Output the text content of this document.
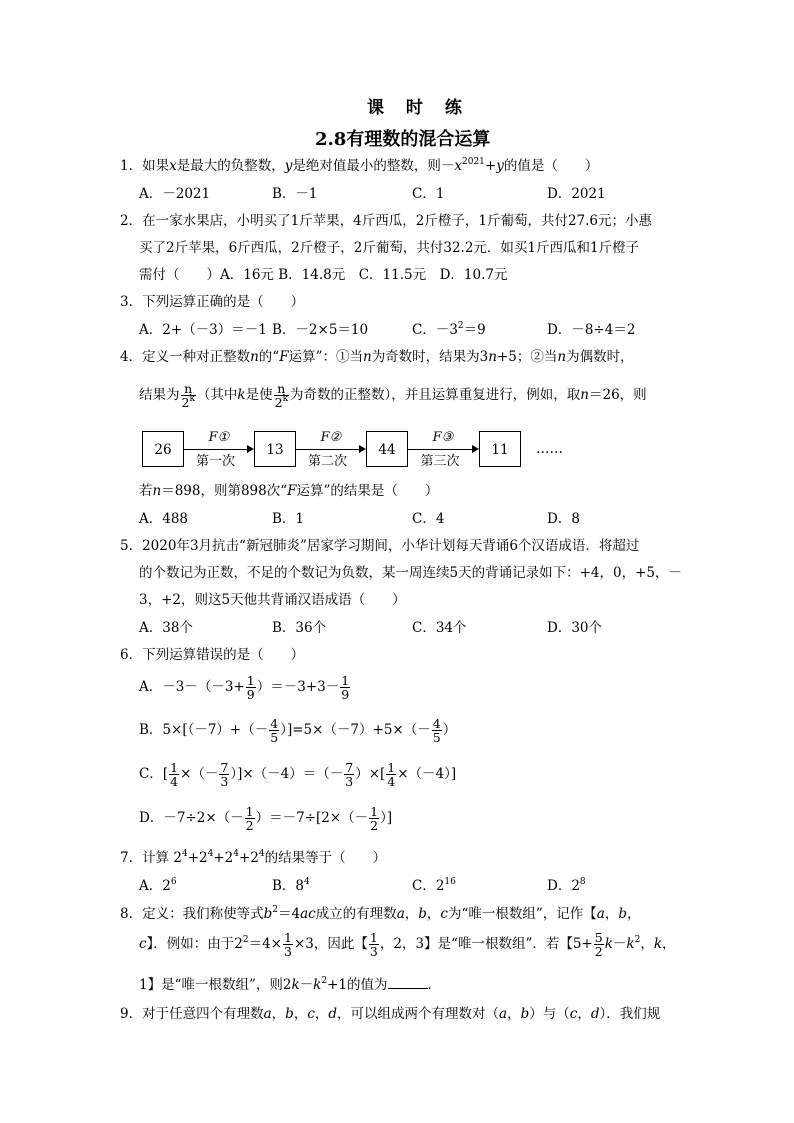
课 时 练
2.8有理数的混合运算
1．如果x是最大的负整数，y是绝对值最小的整数，则$-x^{2021}+y$的值是（　　）
A．－2021	B．－1	C．1	D．2021
2．在一家水果店，小明买了1斤苹果，4斤西瓜，2斤橙子，1斤葡萄，共付27.6元；小惠
买了2斤苹果，6斤西瓜，2斤橙子，2斤葡萄，共付32.2元．如买1斤西瓜和1斤橙子
需付（　　）A．16元 B．14.8元　C．11.5元　D．10.7元
3．下列运算正确的是（　　）
A．2+（－3）＝－1 B．－2×5＝10	C．$-3^2=9$	D．－8÷4＝2
4．定义一种对正整数n的“F运算”：①当n为奇数时，结果为3n+5；②当n为偶数时，
结果为 $\frac{n}{2^k}$ （其中k是使 $\frac{n}{2^k}$ 为奇数的正整数），并且运算重复进行，例如，取n＝26，则
26	13	44	11
F①	F②	F③
第一次	第二次	第三次
……
若n＝898，则第898次“F运算”的结果是（　　）
A．488	B．1	C．4	D．8
5．2020年3月抗击“新冠肺炎”居家学习期间，小华计划每天背诵6个汉语成语．将超过
的个数记为正数，不足的个数记为负数，某一周连续5天的背诵记录如下：+4，0，+5，－
3，+2，则这5天他共背诵汉语成语（　　）
A．38个	B．36个	C．34个	D．30个
6．下列运算错误的是（　　）
A．$-3-(-3+ \frac{1}{9} )=-3+3- \frac{1}{9}$
B．$5\times[(-7)+(- \frac{4}{5} )]=5\times(-7)+5\times(- \frac{4}{5}$ ）
C．[ $\frac{1}{4}$ ×（－ $\frac{7}{3} )]\times(-4)=(- \frac{7}{3}$ ）×[ $\frac{1}{4} \times(-4)$]
D．$-7\div 2\times(- \frac{1}{2} )=-7\div[2\times(- \frac{1}{2}$ ）]
7．计算 $2^4+2^4+2^4+2^4$的结果等于（　　）
A．$2^6$	B．$8^4$	C．$2^{16}$	D．$2^8$
8．定义：我们称使等式$b^2=4ac$成立的有理数a，b，c为“唯一根数组”，记作【a，b，
c】．例如：由于$2^2=4\times \frac{1}{3} \times 3$，因此【 $\frac{1}{3}$ ，2，3】是“唯一根数组”．若【$5+ \frac{5}{2} k-k^2$，k，
1】是“唯一根数组”，则$2k-k^2+1$的值为	．
9．对于任意四个有理数a，b，c，d，可以组成两个有理数对（a，b）与（c，d）．我们规
